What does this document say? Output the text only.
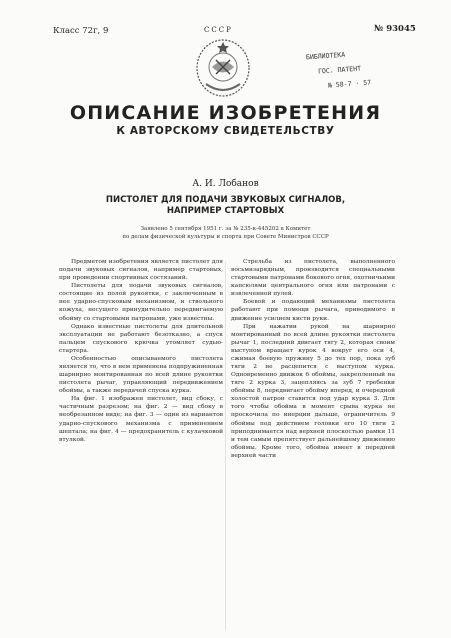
Класс 72г, 9	№ 93045
СССР
БИБЛИОТЕКА
ГОС. ПАТЕНТ
№ 58-7 · 57
ОПИСАНИЕ ИЗОБРЕТЕНИЯ
К АВТОРСКОМУ СВИДЕТЕЛЬСТВУ
А. И. Лобанов
ПИСТОЛЕТ ДЛЯ ПОДАЧИ ЗВУКОВЫХ СИГНАЛОВ,
НАПРИМЕР СТАРТОВЫХ
Заявлено 5 сентября 1951 г. за № 235-к-445202 в Комитет
по делам физической культуры и спорта при Совете Министров СССР

Предметом изобретения является пистолет для подачи звуковых сигналов, например стартовых, при проведении спортивных состязаний.

Пистолеты для подачи звуковых сигналов, состоящие из полой рукоятки, с заключенным в нее ударно-спусковым механизмом, и ствольного кожуха, несущего принудительно передвигаемую обойму со стартовыми патронами, уже известны.

Однако известные пистолеты для длительной эксплуатации не работают безотказно, а спуск пальцем спускового крючка утомляет судью-стартера.

Особенностью описываемого пистолета является то, что в нем применена подпружиненная шарнирно монтированная по всей длине рукоятки пистолета рычаг, управляющий передвижением обоймы, а также передачей спуска курка.

На фиг. 1 изображен пистолет, вид сбоку, с частичным разрезом; на фиг. 2 — вид сбоку в необрезанном виде; на фиг. 3 — один из вариантов ударно-спускового механизма с применением шептала; на фиг. 4 — предохранитель с кулачковой втулкой.

Стрельба из пистолета, выполненного восьмизарядным, производится специальными стартовыми патронами бокового огня, охотничьими капсюлями центрального огня или патронами с извлеченной пулей.

Боевой и подающий механизмы пистолета работают при помощи рычага, приводимого в движение усилием кисти руки.

При нажатии рукой на шарнирно монтированный по всей длине рукоятки пистолета рычаг 1, последний двигает тягу 2, которая своим выступом вращает курок 4 вокруг его оси 4, сжимая боевую пружину 5 до тех пор, пока зуб тяги 2 не расцепится с выступом курка. Одновременно движок 6 обоймы, закрепленный на тяге 2 курка 3, зацепляясь за зуб 7 гребенки обоймы 8, передвигает обойму вперед, и очередной холостой патрон ставится под удар курка 3. Для того чтобы обойма в момент срыва курка не проскочила по инерции дальше, ограничитель 9 обоймы под действием головки его 10 тяги 2 приподнимается над верхней плоскостью рамки 11 и тем самым препятствует дальнейшему движению обоймы. Кроме того, обойма имеет в передней верхней части
